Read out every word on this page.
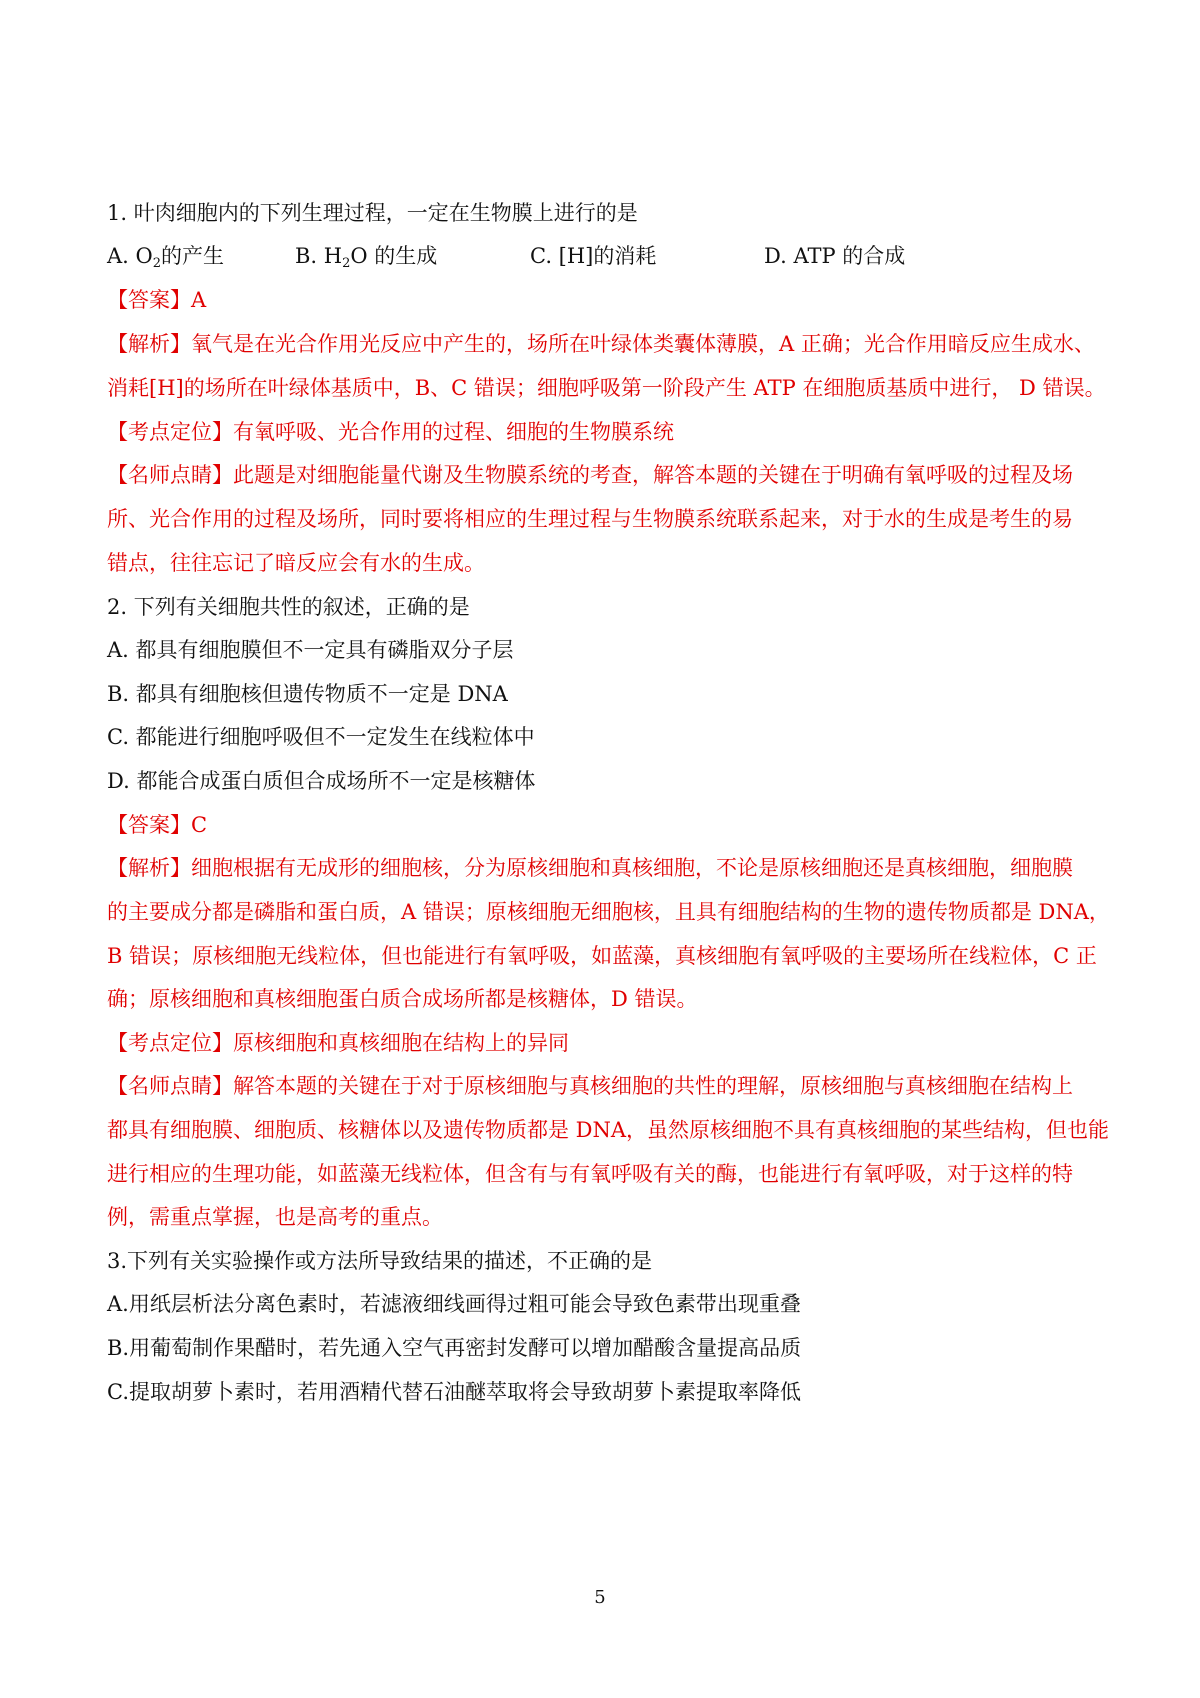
1. 叶肉细胞内的下列生理过程，一定在生物膜上进行的是
A. $O_2$的产生	B. $H_2O$ 的生成	C. [H]的消耗	D. ATP 的合成
【答案】A
【解析】氧气是在光合作用光反应中产生的，场所在叶绿体类囊体薄膜，A 正确；光合作用暗反应生成水、
消耗[H]的场所在叶绿体基质中，B、C 错误；细胞呼吸第一阶段产生 ATP 在细胞质基质中进行， D 错误。
【考点定位】有氧呼吸、光合作用的过程、细胞的生物膜系统
【名师点睛】此题是对细胞能量代谢及生物膜系统的考查，解答本题的关键在于明确有氧呼吸的过程及场
所、光合作用的过程及场所，同时要将相应的生理过程与生物膜系统联系起来，对于水的生成是考生的易
错点，往往忘记了暗反应会有水的生成。
2. 下列有关细胞共性的叙述，正确的是
A. 都具有细胞膜但不一定具有磷脂双分子层
B. 都具有细胞核但遗传物质不一定是 DNA
C. 都能进行细胞呼吸但不一定发生在线粒体中
D. 都能合成蛋白质但合成场所不一定是核糖体
【答案】C
【解析】细胞根据有无成形的细胞核，分为原核细胞和真核细胞，不论是原核细胞还是真核细胞，细胞膜
的主要成分都是磷脂和蛋白质，A 错误；原核细胞无细胞核，且具有细胞结构的生物的遗传物质都是 DNA，
B 错误；原核细胞无线粒体，但也能进行有氧呼吸，如蓝藻，真核细胞有氧呼吸的主要场所在线粒体，C 正
确；原核细胞和真核细胞蛋白质合成场所都是核糖体，D 错误。
【考点定位】原核细胞和真核细胞在结构上的异同
【名师点睛】解答本题的关键在于对于原核细胞与真核细胞的共性的理解，原核细胞与真核细胞在结构上
都具有细胞膜、细胞质、核糖体以及遗传物质都是 DNA，虽然原核细胞不具有真核细胞的某些结构，但也能
进行相应的生理功能，如蓝藻无线粒体，但含有与有氧呼吸有关的酶，也能进行有氧呼吸，对于这样的特
例，需重点掌握，也是高考的重点。
3.下列有关实验操作或方法所导致结果的描述，不正确的是
A.用纸层析法分离色素时，若滤液细线画得过粗可能会导致色素带出现重叠
B.用葡萄制作果醋时，若先通入空气再密封发酵可以增加醋酸含量提高品质
C.提取胡萝卜素时，若用酒精代替石油醚萃取将会导致胡萝卜素提取率降低
5
